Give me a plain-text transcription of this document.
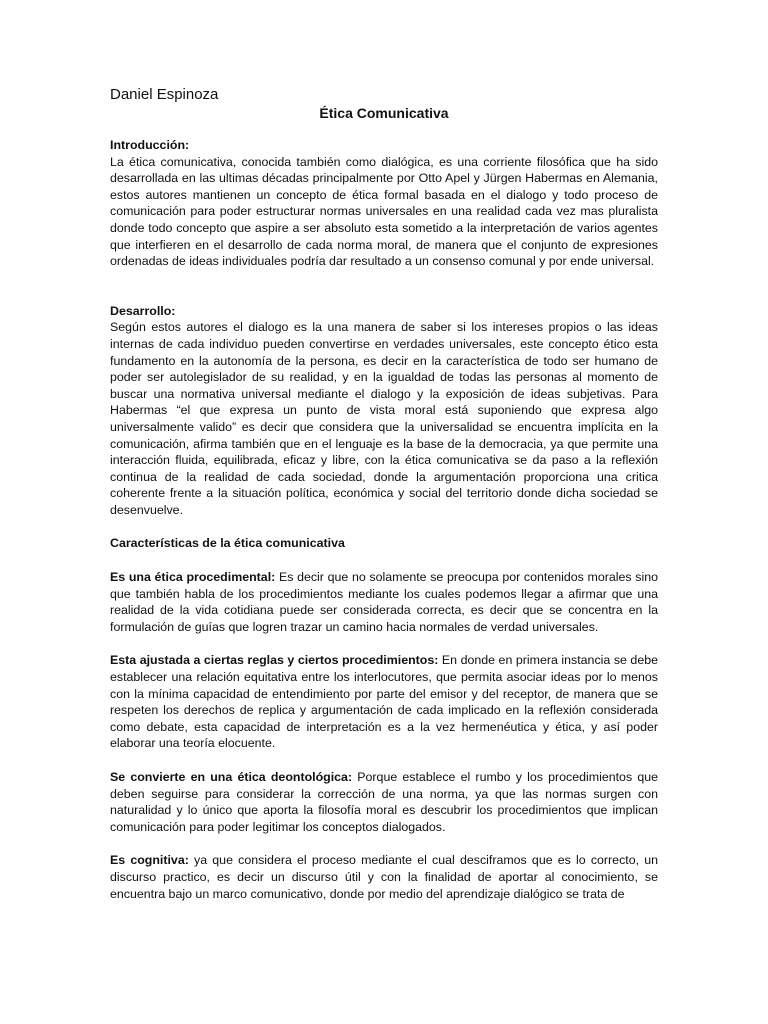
Daniel Espinoza
Ética Comunicativa
Introducción:

La ética comunicativa, conocida también como dialógica, es una corriente filosófica que ha sido desarrollada en las ultimas décadas principalmente por Otto Apel y Jürgen Habermas en Alemania, estos autores mantienen un concepto de ética formal basada en el dialogo y todo proceso de comunicación para poder estructurar normas universales en una realidad cada vez mas pluralista donde todo concepto que aspire a ser absoluto esta sometido a la interpretación de varios agentes que interfieren en el desarrollo de cada norma moral, de manera que el conjunto de expresiones ordenadas de ideas individuales podría dar resultado a un consenso comunal y por ende universal.

Desarrollo:

Según estos autores el dialogo es la una manera de saber si los intereses propios o las ideas internas de cada individuo pueden convertirse en verdades universales, este concepto ético esta fundamento en la autonomía de la persona, es decir en la característica de todo ser humano de poder ser autolegislador de su realidad, y en la igualdad de todas las personas al momento de buscar una normativa universal mediante el dialogo y la exposición de ideas subjetivas. Para Habermas “el que expresa un punto de vista moral está suponiendo que expresa algo universalmente valido” es decir que considera que la universalidad se encuentra implícita en la comunicación, afirma también que en el lenguaje es la base de la democracia, ya que permite una interacción fluida, equilibrada, eficaz y libre, con la ética comunicativa se da paso a la reflexión continua de la realidad de cada sociedad, donde la argumentación proporciona una critica coherente frente a la situación política, económica y social del territorio donde dicha sociedad se desenvuelve.

Características de la ética comunicativa

Es una ética procedimental: Es decir que no solamente se preocupa por contenidos morales sino que también habla de los procedimientos mediante los cuales podemos llegar a afirmar que una realidad de la vida cotidiana puede ser considerada correcta, es decir que se concentra en la formulación de guías que logren trazar un camino hacia normales de verdad universales.

Esta ajustada a ciertas reglas y ciertos procedimientos: En donde en primera instancia se debe establecer una relación equitativa entre los interlocutores, que permita asociar ideas por lo menos con la mínima capacidad de entendimiento por parte del emisor y del receptor, de manera que se respeten los derechos de replica y argumentación de cada implicado en la reflexión considerada como debate, esta capacidad de interpretación es a la vez hermenéutica y ética, y así poder elaborar una teoría elocuente.

Se convierte en una ética deontológica: Porque establece el rumbo y los procedimientos que deben seguirse para considerar la corrección de una norma, ya que las normas surgen con naturalidad y lo único que aporta la filosofía moral es descubrir los procedimientos que implican comunicación para poder legitimar los conceptos dialogados.

Es cognitiva: ya que considera el proceso mediante el cual desciframos que es lo correcto, un discurso practico, es decir un discurso útil y con la finalidad de aportar al conocimiento, se encuentra bajo un marco comunicativo, donde por medio del aprendizaje dialógico se trata de
